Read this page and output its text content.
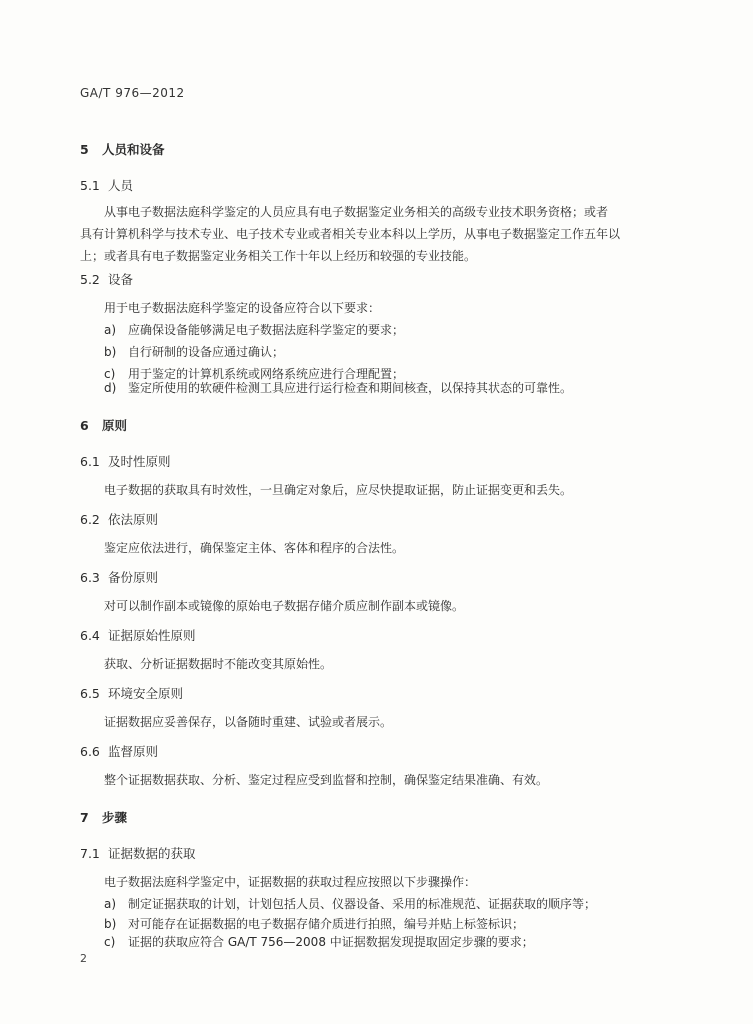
GA/T 976—2012
5 人员和设备
5.1 人员
从事电子数据法庭科学鉴定的人员应具有电子数据鉴定业务相关的高级专业技术职务资格；或者
具有计算机科学与技术专业、电子技术专业或者相关专业本科以上学历，从事电子数据鉴定工作五年以
上；或者具有电子数据鉴定业务相关工作十年以上经历和较强的专业技能。
5.2 设备
用于电子数据法庭科学鉴定的设备应符合以下要求：
a) 应确保设备能够满足电子数据法庭科学鉴定的要求；
b) 自行研制的设备应通过确认；
c) 用于鉴定的计算机系统或网络系统应进行合理配置；
d) 鉴定所使用的软硬件检测工具应进行运行检查和期间核查，以保持其状态的可靠性。
6 原则
6.1 及时性原则
电子数据的获取具有时效性，一旦确定对象后，应尽快提取证据，防止证据变更和丢失。
6.2 依法原则
鉴定应依法进行，确保鉴定主体、客体和程序的合法性。
6.3 备份原则
对可以制作副本或镜像的原始电子数据存储介质应制作副本或镜像。
6.4 证据原始性原则
获取、分析证据数据时不能改变其原始性。
6.5 环境安全原则
证据数据应妥善保存，以备随时重建、试验或者展示。
6.6 监督原则
整个证据数据获取、分析、鉴定过程应受到监督和控制，确保鉴定结果准确、有效。
7 步骤
7.1 证据数据的获取
电子数据法庭科学鉴定中，证据数据的获取过程应按照以下步骤操作：
a) 制定证据获取的计划，计划包括人员、仪器设备、采用的标准规范、证据获取的顺序等；
b) 对可能存在证据数据的电子数据存储介质进行拍照，编号并贴上标签标识；
c) 证据的获取应符合 GA/T 756—2008 中证据数据发现提取固定步骤的要求；
2
